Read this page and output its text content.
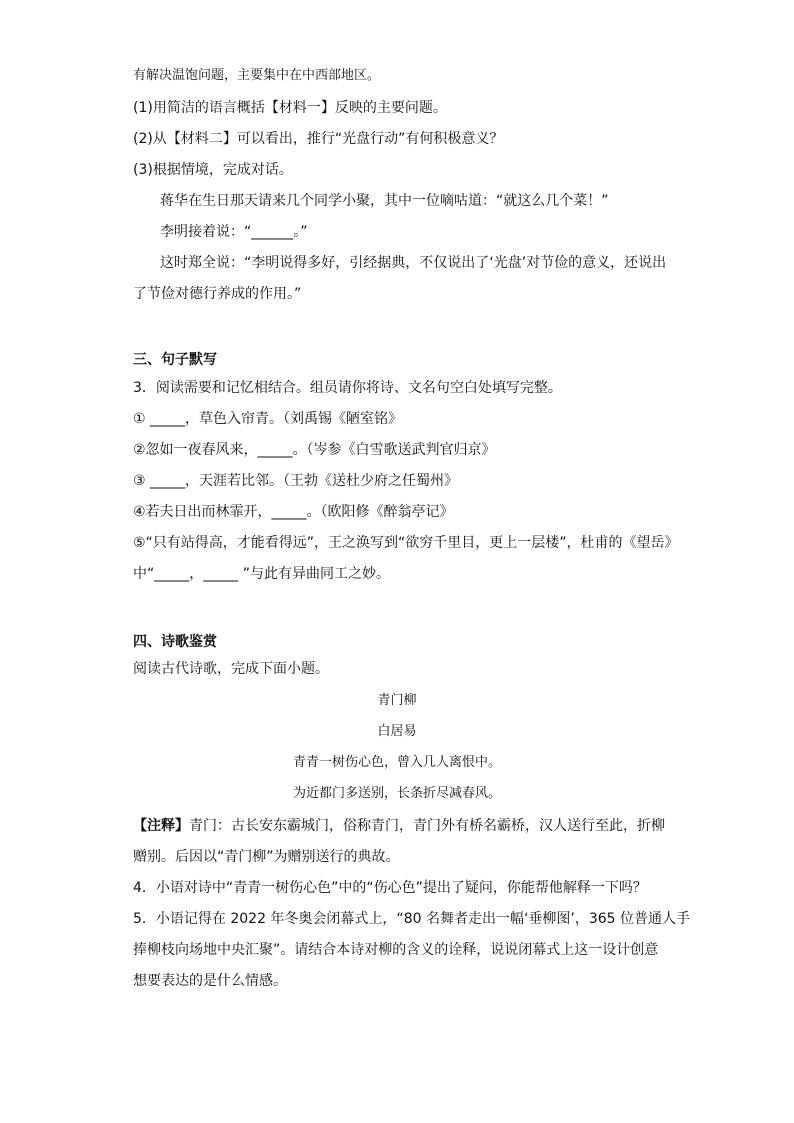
有解决温饱问题，主要集中在中西部地区。
(1)用简洁的语言概括【材料一】反映的主要问题。
(2)从【材料二】可以看出，推行“光盘行动”有何积极意义？
(3)根据情境，完成对话。
蒋华在生日那天请来几个同学小聚，其中一位嘀咕道：“就这么几个菜！”
李明接着说：“______。”
这时郑全说：“李明说得多好，引经据典，不仅说出了‘光盘’对节俭的意义，还说出
了节俭对德行养成的作用。”
三、句子默写
3．阅读需要和记忆相结合。组员请你将诗、文名句空白处填写完整。
① _____，草色入帘青。（刘禹锡《陋室铭》
②忽如一夜春风来，_____。（岑参《白雪歌送武判官归京》
③ _____，天涯若比邻。（王勃《送杜少府之任蜀州》
④若夫日出而林霏开，_____。（欧阳修《醉翁亭记》
⑤“只有站得高，才能看得远”，王之涣写到“欲穷千里目，更上一层楼”，杜甫的《望岳》
中“_____，_____ ”与此有异曲同工之妙。
四、诗歌鉴赏
阅读古代诗歌，完成下面小题。
青门柳
白居易
青青一树伤心色，曾入几人离恨中。
为近都门多送别，长条折尽减春风。
【注释】青门：古长安东霸城门，俗称青门，青门外有桥名霸桥，汉人送行至此，折柳
赠别。后因以“青门柳”为赠别送行的典故。
4．小语对诗中“青青一树伤心色”中的“伤心色”提出了疑问，你能帮他解释一下吗？
5．小语记得在 2022 年冬奥会闭幕式上，“80 名舞者走出一幅‘垂柳图’，365 位普通人手
捧柳枝向场地中央汇聚”。请结合本诗对柳的含义的诠释，说说闭幕式上这一设计创意
想要表达的是什么情感。
